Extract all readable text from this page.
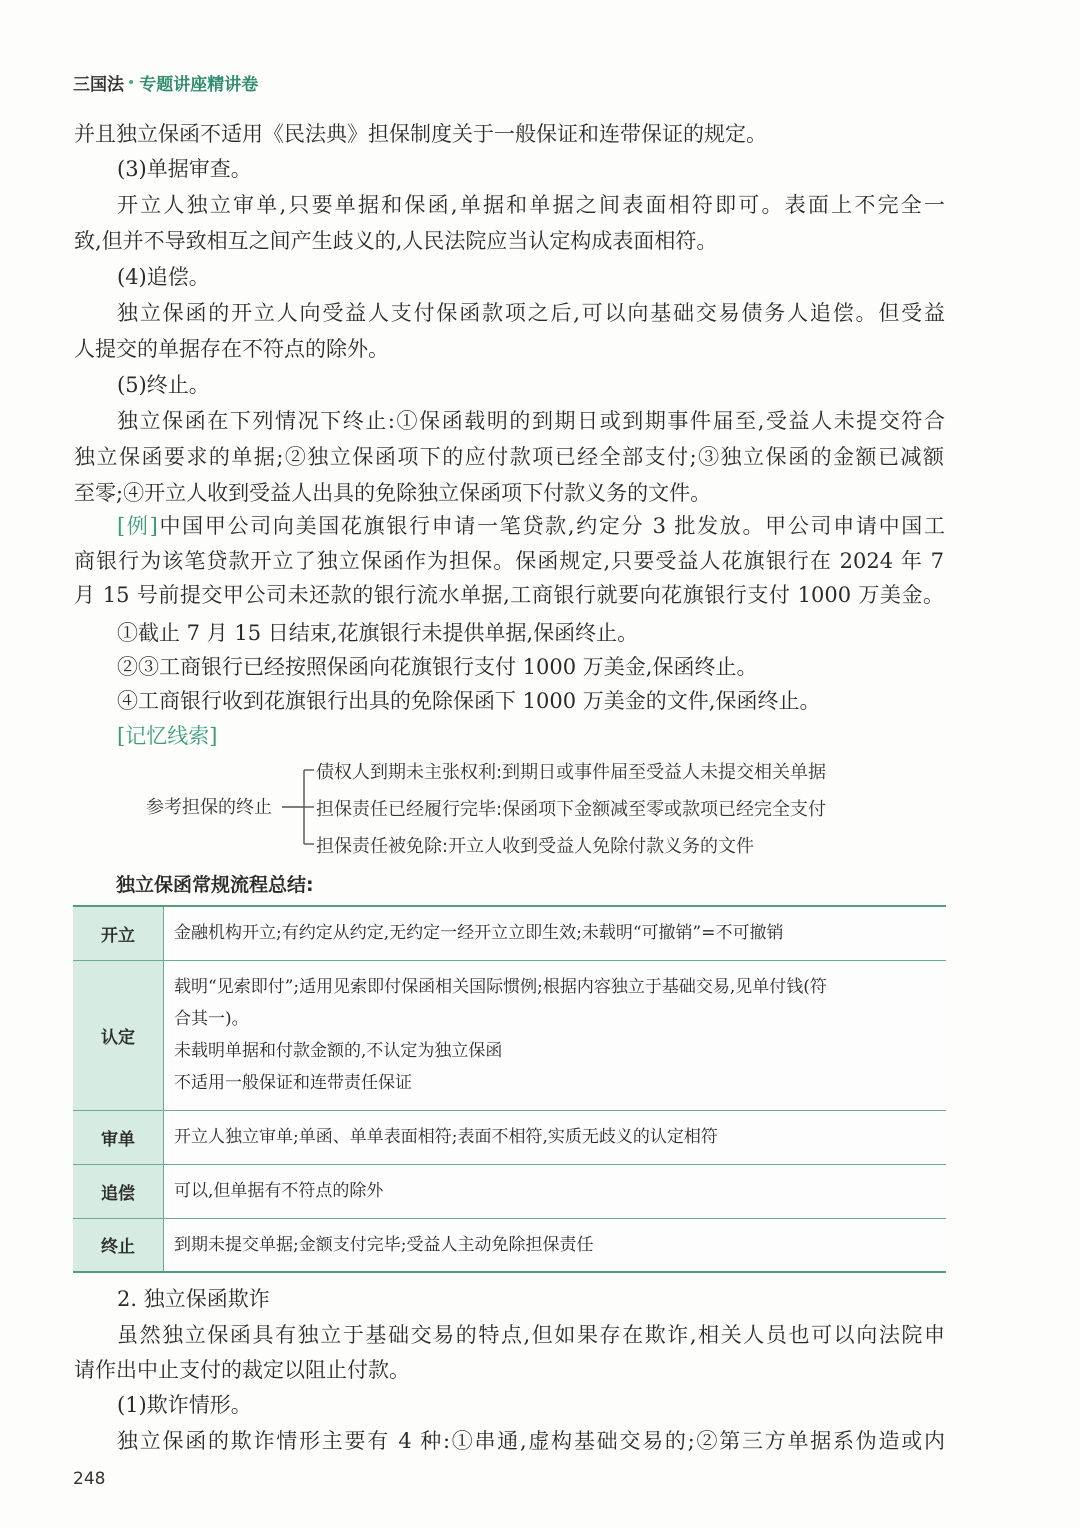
三国法 • 专题讲座精讲卷
并且独立保函不适用《民法典》担保制度关于一般保证和连带保证的规定。
(3)单据审查。
开立人独立审单,只要单据和保函,单据和单据之间表面相符即可。表面上不完全一
致,但并不导致相互之间产生歧义的,人民法院应当认定构成表面相符。
(4)追偿。
独立保函的开立人向受益人支付保函款项之后,可以向基础交易债务人追偿。但受益
人提交的单据存在不符点的除外。
(5)终止。
独立保函在下列情况下终止:①保函载明的到期日或到期事件届至,受益人未提交符合
独立保函要求的单据;②独立保函项下的应付款项已经全部支付;③独立保函的金额已减额
至零;④开立人收到受益人出具的免除独立保函项下付款义务的文件。
[例]中国甲公司向美国花旗银行申请一笔贷款,约定分 3 批发放。甲公司申请中国工
商银行为该笔贷款开立了独立保函作为担保。保函规定,只要受益人花旗银行在 2024 年 7
月 15 号前提交甲公司未还款的银行流水单据,工商银行就要向花旗银行支付 1000 万美金。
①截止 7 月 15 日结束,花旗银行未提供单据,保函终止。
②③工商银行已经按照保函向花旗银行支付 1000 万美金,保函终止。
④工商银行收到花旗银行出具的免除保函下 1000 万美金的文件,保函终止。
[记忆线索]
参考担保的终止
债权人到期未主张权利:到期日或事件届至受益人未提交相关单据
担保责任已经履行完毕:保函项下金额减至零或款项已经完全支付
担保责任被免除:开立人收到受益人免除付款义务的文件
独立保函常规流程总结:
开立	金融机构开立;有约定从约定,无约定一经开立立即生效;未载明“可撤销”=不可撤销

认定	载明“见索即付”;适用见索即付保函相关国际惯例;根据内容独立于基础交易,见单付钱(符

合其一)。

未载明单据和付款金额的,不认定为独立保函

不适用一般保证和连带责任保证

审单	开立人独立审单;单函、单单表面相符;表面不相符,实质无歧义的认定相符

追偿	可以,但单据有不符点的除外

终止	到期未提交单据;金额支付完毕;受益人主动免除担保责任

2. 独立保函欺诈
虽然独立保函具有独立于基础交易的特点,但如果存在欺诈,相关人员也可以向法院申
请作出中止支付的裁定以阻止付款。
(1)欺诈情形。
独立保函的欺诈情形主要有 4 种:①串通,虚构基础交易的;②第三方单据系伪造或内
248
